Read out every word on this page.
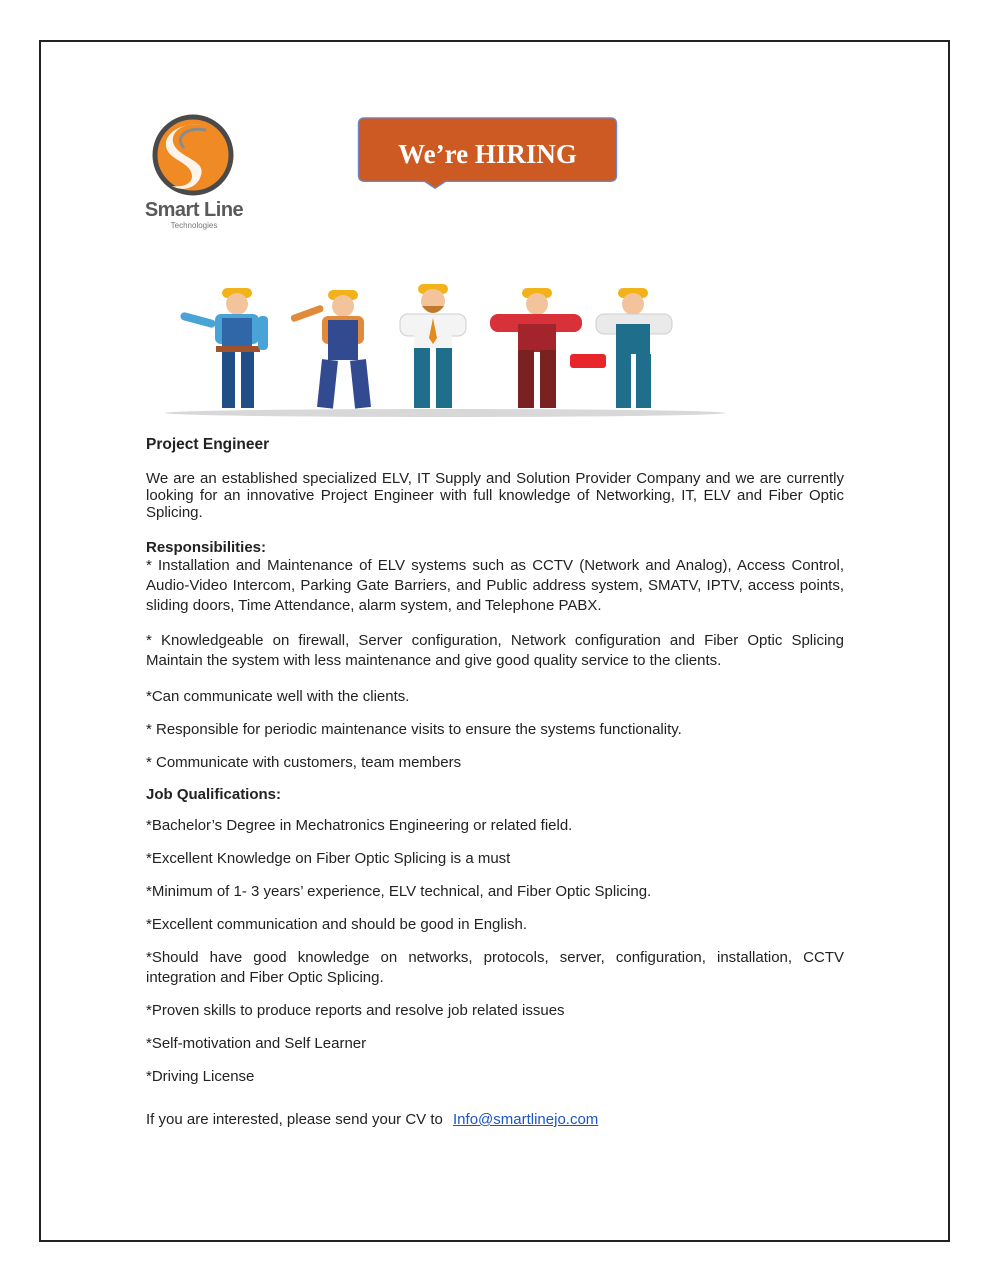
Smart Line
Technologies
We’re HIRING

Project Engineer

We are an established specialized ELV, IT Supply and Solution Provider Company and we are currently looking for an innovative Project Engineer with full knowledge of Networking, IT, ELV and Fiber Optic Splicing.

Responsibilities:

* Installation and Maintenance of ELV systems such as CCTV (Network and Analog), Access Control, Audio-Video Intercom, Parking Gate Barriers, and Public address system, SMATV, IPTV, access points, sliding doors, Time Attendance, alarm system, and Telephone PABX.

* Knowledgeable on firewall, Server configuration, Network configuration and Fiber Optic Splicing Maintain the system with less maintenance and give good quality service to the clients.

*Can communicate well with the clients.

* Responsible for periodic maintenance visits to ensure the systems functionality.

* Communicate with customers, team members

Job Qualifications:

*Bachelor’s Degree in Mechatronics Engineering or related field.

*Excellent Knowledge on Fiber Optic Splicing is a must

*Minimum of 1- 3 years’ experience, ELV technical, and Fiber Optic Splicing.

*Excellent communication and should be good in English.

*Should have good knowledge on networks, protocols, server, configuration, installation, CCTV integration and Fiber Optic Splicing.

*Proven skills to produce reports and resolve job related issues

*Self-motivation and Self Learner

*Driving License

If you are interested, please send your CV to Info@smartlinejo.com
